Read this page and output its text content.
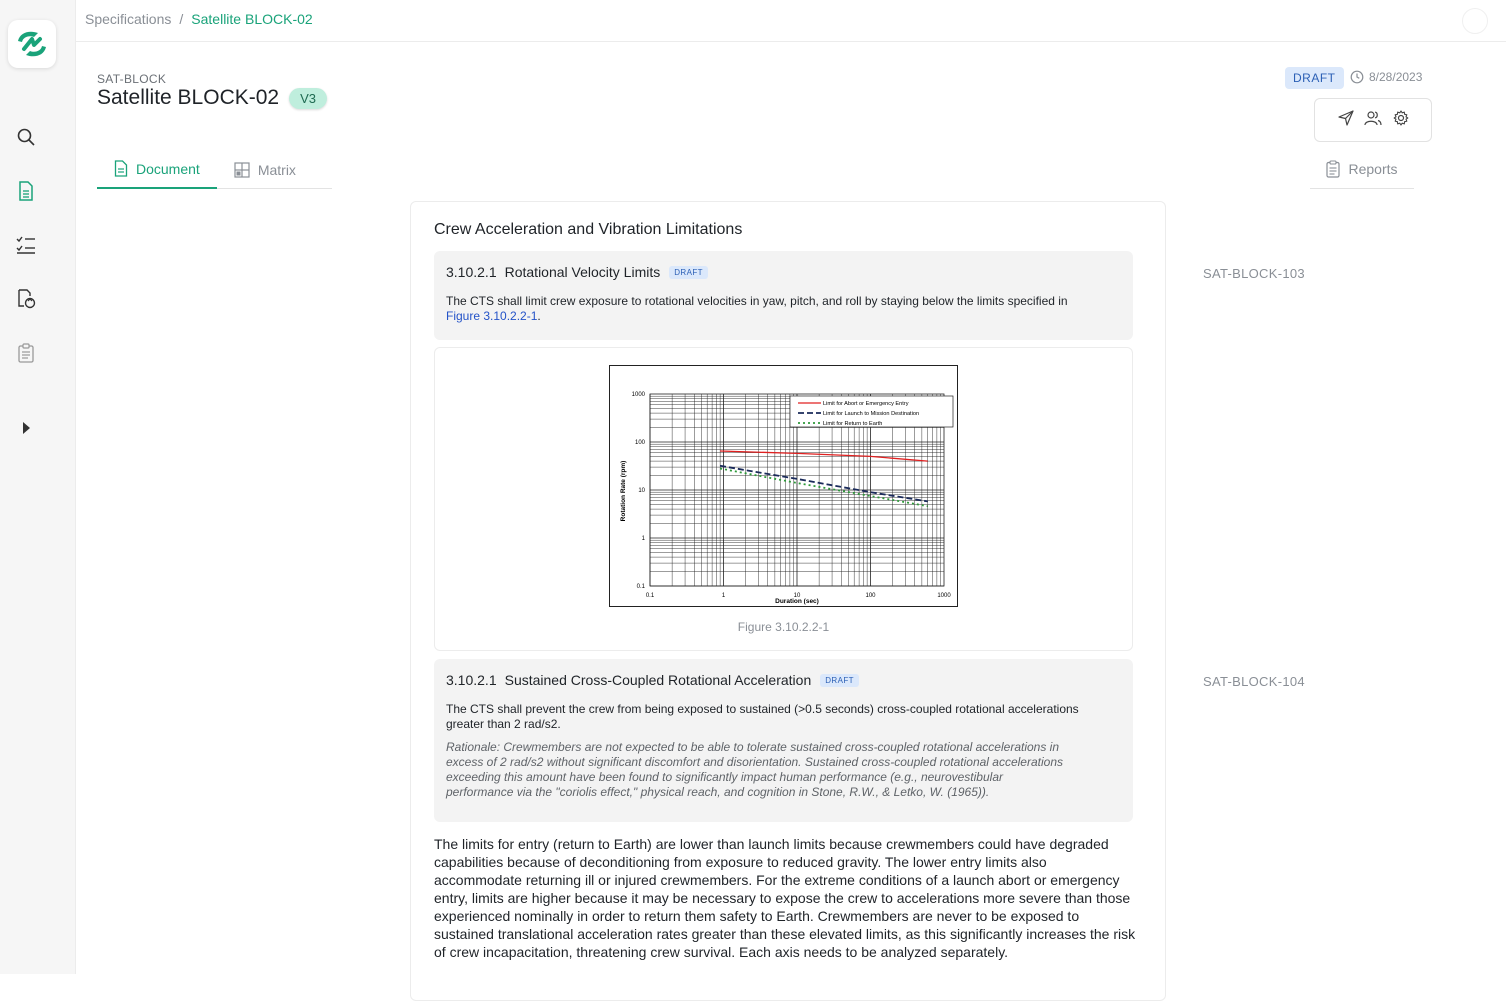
Specifications / Satellite BLOCK-02
SAT-BLOCK
Satellite BLOCK-02	V3
DRAFT	8/28/2023
Document	Matrix	Reports
Crew Acceleration and Vibration Limitations
3.10.2.1 Rotational Velocity Limits	DRAFT
The CTS shall limit crew exposure to rotational velocities in yaw, pitch, and roll by staying below the limits specified in Figure 3.10.2.2-1.
SAT-BLOCK-103
0.1	1	10	100	1000
1000
100
10
1
0.1
Limit for Abort or Emergency Entry
Limit for Launch to Mission Destination
Limit for Return to Earth
Duration (sec)
Rotation Rate (rpm)
Figure 3.10.2.2-1
3.10.2.1 Sustained Cross-Coupled Rotational Acceleration	DRAFT
The CTS shall prevent the crew from being exposed to sustained (>0.5 seconds) cross-coupled rotational accelerations greater than 2 rad/s2.
Rationale: Crewmembers are not expected to be able to tolerate sustained cross-coupled rotational accelerations in excess of 2 rad/s2 without significant discomfort and disorientation. Sustained cross-coupled rotational accelerations exceeding this amount have been found to significantly impact human performance (e.g., neurovestibular performance via the "coriolis effect," physical reach, and cognition in Stone, R.W., & Letko, W. (1965)).
SAT-BLOCK-104
The limits for entry (return to Earth) are lower than launch limits because crewmembers could have degraded capabilities because of deconditioning from exposure to reduced gravity. The lower entry limits also accommodate returning ill or injured crewmembers. For the extreme conditions of a launch abort or emergency entry, limits are higher because it may be necessary to expose the crew to accelerations more severe than those experienced nominally in order to return them safety to Earth. Crewmembers are never to be exposed to sustained translational acceleration rates greater than these elevated limits, as this significantly increases the risk of crew incapacitation, threatening crew survival. Each axis needs to be analyzed separately.
